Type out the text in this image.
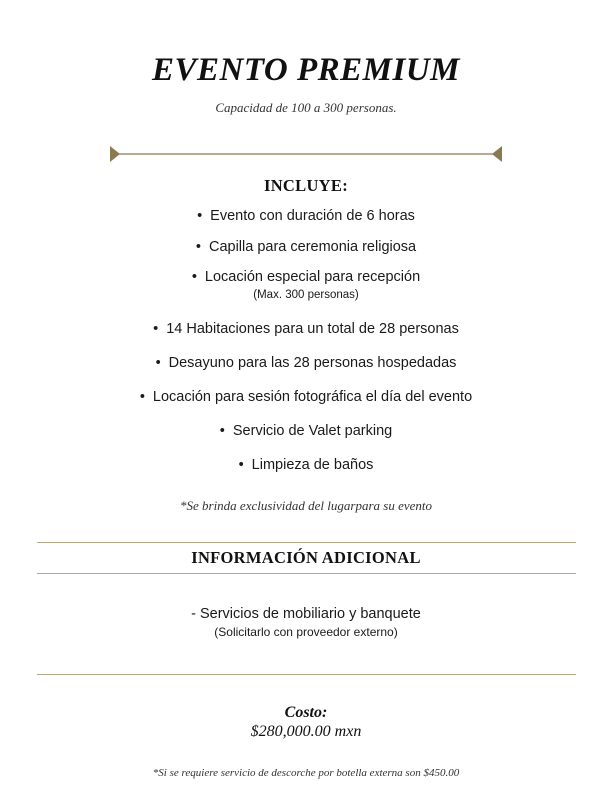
EVENTO PREMIUM
Capacidad de 100 a 300 personas.
INCLUYE:
• Evento con duración de 6 horas
• Capilla para ceremonia religiosa
• Locación especial para recepción
(Max. 300 personas)
• 14 Habitaciones para un total de 28 personas
• Desayuno para las 28 personas hospedadas
• Locación para sesión fotográfica el día del evento
• Servicio de Valet parking
• Limpieza de baños
*Se brinda exclusividad del lugarpara su evento
INFORMACIÓN ADICIONAL
- Servicios de mobiliario y banquete
(Solicitarlo con proveedor externo)
Costo:
$280,000.00 mxn
*Si se requiere servicio de descorche por botella externa son $450.00
